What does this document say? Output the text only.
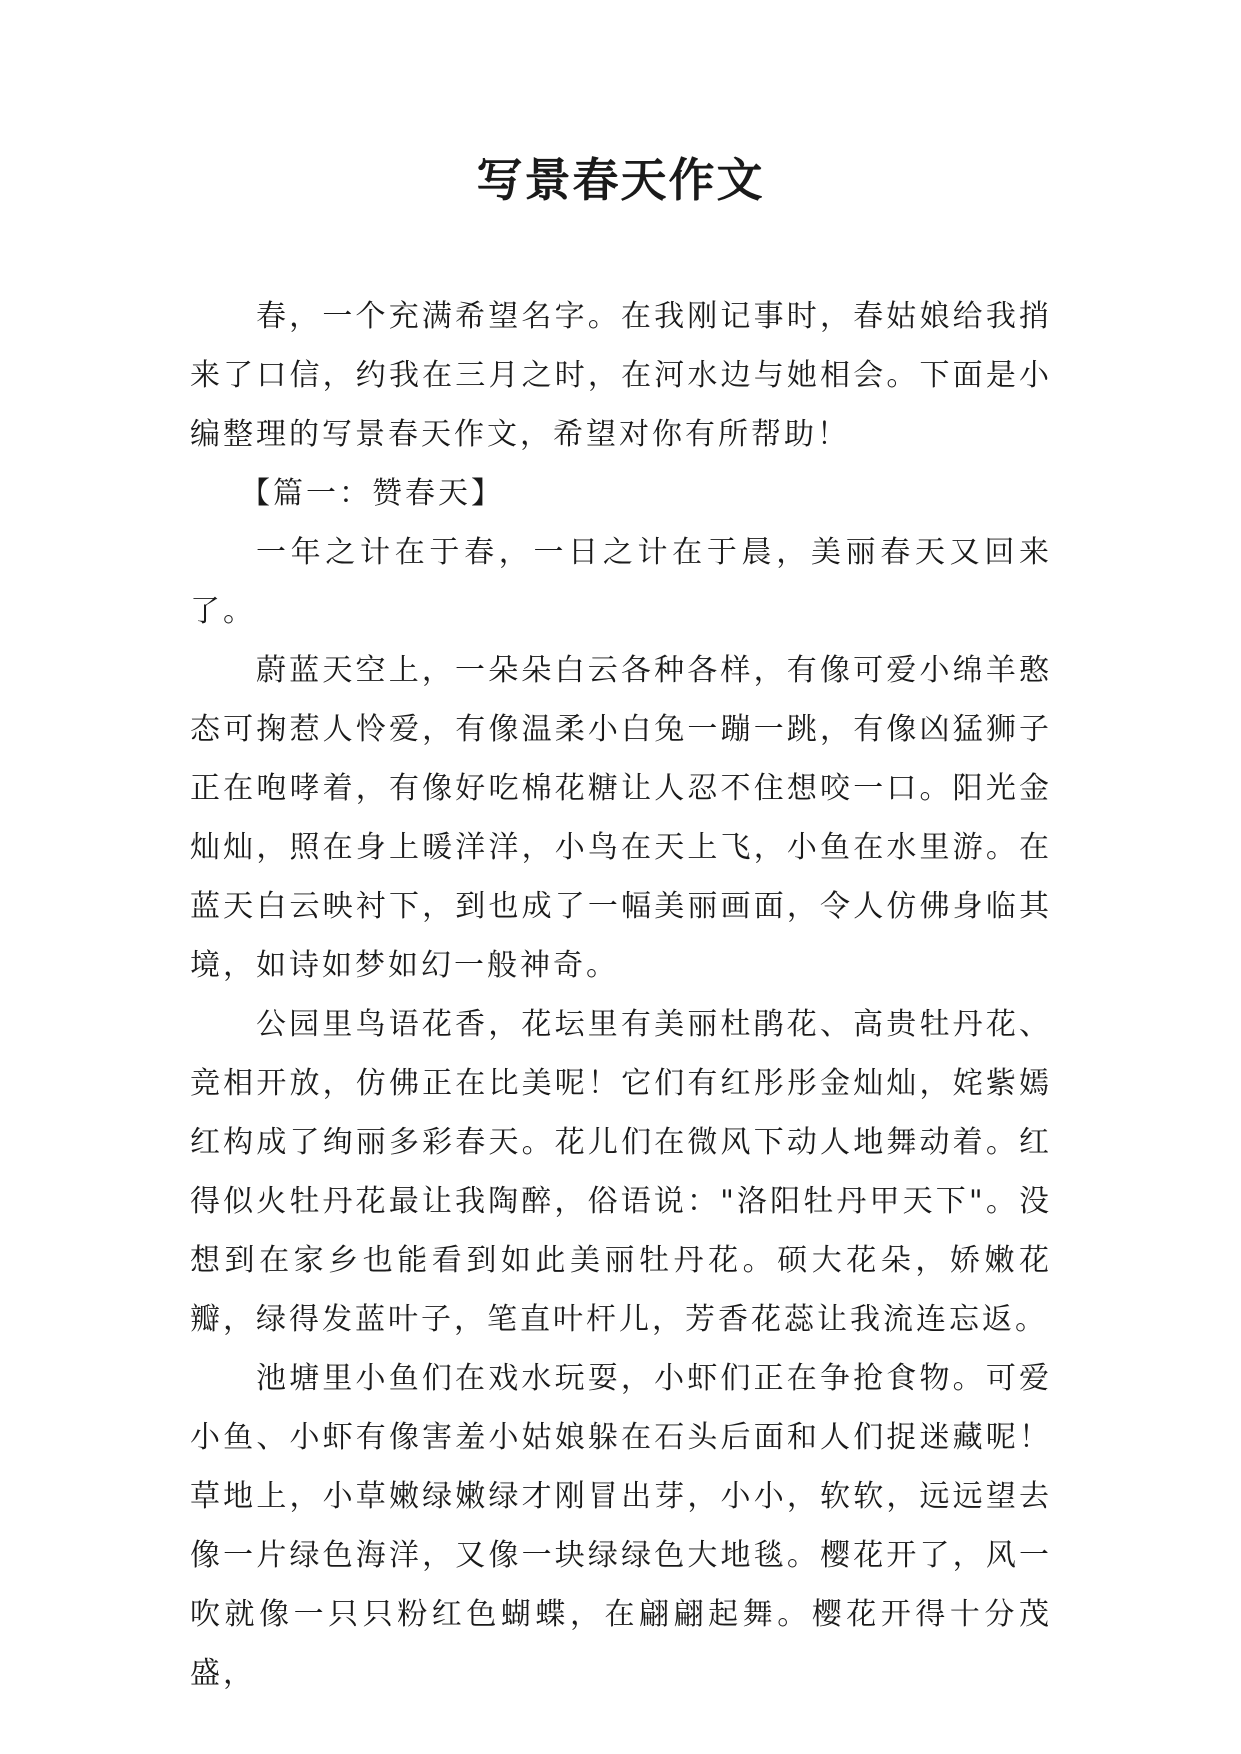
写景春天作文

春，一个充满希望名字。在我刚记事时，春姑娘给我捎来了口信，约我在三月之时，在河水边与她相会。下面是小编整理的写景春天作文，希望对你有所帮助！

【篇一：赞春天】

一年之计在于春，一日之计在于晨，美丽春天又回来了。

蔚蓝天空上，一朵朵白云各种各样，有像可爱小绵羊憨态可掬惹人怜爱，有像温柔小白兔一蹦一跳，有像凶猛狮子正在咆哮着，有像好吃棉花糖让人忍不住想咬一口。阳光金灿灿，照在身上暖洋洋，小鸟在天上飞，小鱼在水里游。在蓝天白云映衬下，到也成了一幅美丽画面，令人仿佛身临其境，如诗如梦如幻一般神奇。

公园里鸟语花香，花坛里有美丽杜鹃花、高贵牡丹花、竞相开放，仿佛正在比美呢！它们有红彤彤金灿灿，姹紫嫣红构成了绚丽多彩春天。花儿们在微风下动人地舞动着。红得似火牡丹花最让我陶醉，俗语说："洛阳牡丹甲天下"。没想到在家乡也能看到如此美丽牡丹花。硕大花朵，娇嫩花瓣，绿得发蓝叶子，笔直叶杆儿，芳香花蕊让我流连忘返。

池塘里小鱼们在戏水玩耍，小虾们正在争抢食物。可爱小鱼、小虾有像害羞小姑娘躲在石头后面和人们捉迷藏呢！草地上，小草嫩绿嫩绿才刚冒出芽，小小，软软，远远望去像一片绿色海洋，又像一块绿绿色大地毯。樱花开了，风一吹就像一只只粉红色蝴蝶，在翩翩起舞。樱花开得十分茂盛，
